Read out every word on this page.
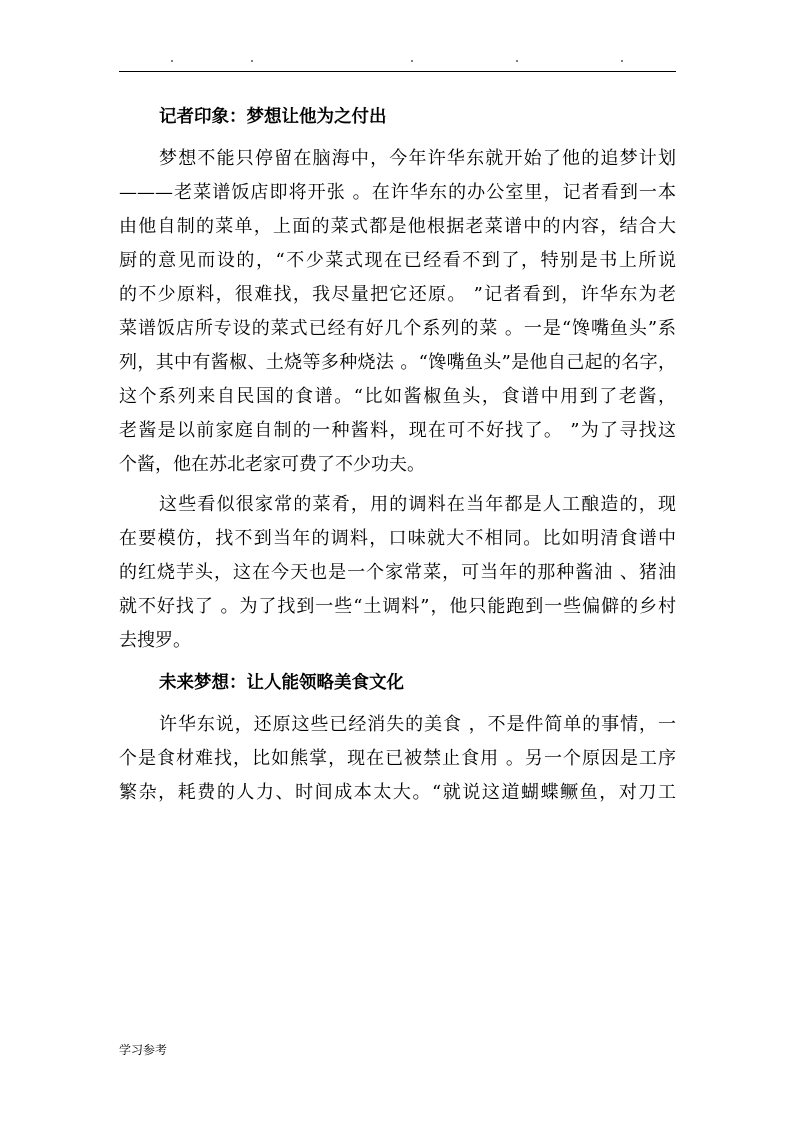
记者印象：梦想让他为之付出
梦想不能只停留在脑海中，今年许华东就开始了他的追梦计划
———老菜谱饭店即将开张 。在许华东的办公室里，记者看到一本
由他自制的菜单，上面的菜式都是他根据老菜谱中的内容，结合大
厨的意见而设的，“不少菜式现在已经看不到了，特别是书上所说
的不少原料，很难找，我尽量把它还原。 ”记者看到，许华东为老
菜谱饭店所专设的菜式已经有好几个系列的菜 。一是“馋嘴鱼头”系
列，其中有酱椒、土烧等多种烧法 。“馋嘴鱼头”是他自己起的名字，
这个系列来自民国的食谱。“比如酱椒鱼头，食谱中用到了老酱，
老酱是以前家庭自制的一种酱料，现在可不好找了。 ”为了寻找这
个酱，他在苏北老家可费了不少功夫。
这些看似很家常的菜肴，用的调料在当年都是人工酿造的，现
在要模仿，找不到当年的调料，口味就大不相同。比如明清食谱中
的红烧芋头，这在今天也是一个家常菜，可当年的那种酱油 、猪油
就不好找了 。为了找到一些“土调料”，他只能跑到一些偏僻的乡村
去搜罗。
未来梦想：让人能领略美食文化
许华东说，还原这些已经消失的美食 ，不是件简单的事情，一
个是食材难找，比如熊掌，现在已被禁止食用 。另一个原因是工序
繁杂，耗费的人力、时间成本太大。“就说这道蝴蝶鳜鱼，对刀工
学习参考
